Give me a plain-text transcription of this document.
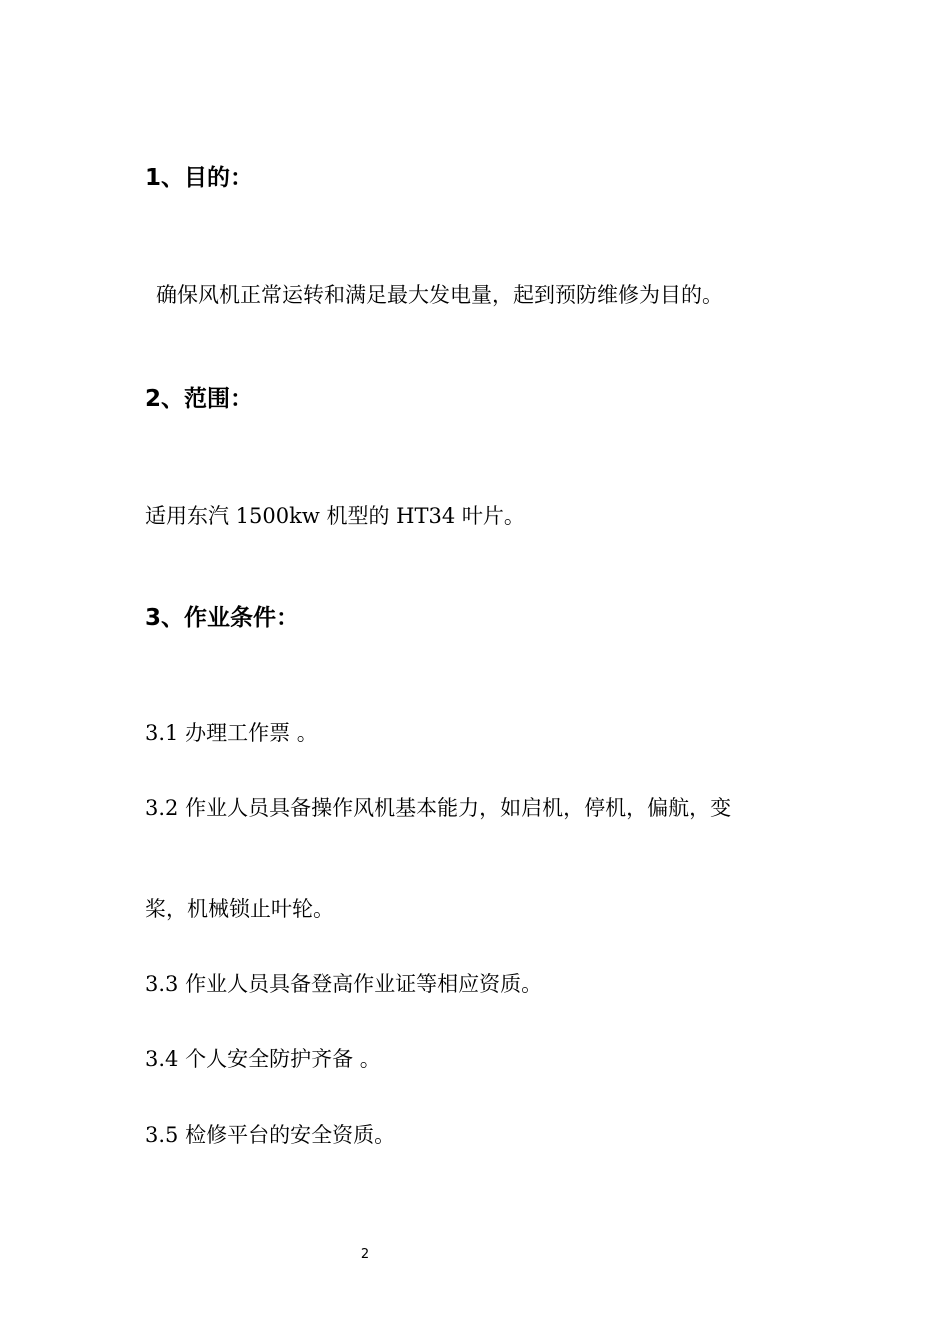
1、目的：
确保风机正常运转和满足最大发电量，起到预防维修为目的。
2、范围：
适用东汽 1500kw 机型的 HT34 叶片。
3、作业条件：
3.1 办理工作票 。
3.2 作业人员具备操作风机基本能力，如启机，停机，偏航，变
桨，机械锁止叶轮。
3.3 作业人员具备登高作业证等相应资质。
3.4 个人安全防护齐备 。
3.5 检修平台的安全资质。
2
